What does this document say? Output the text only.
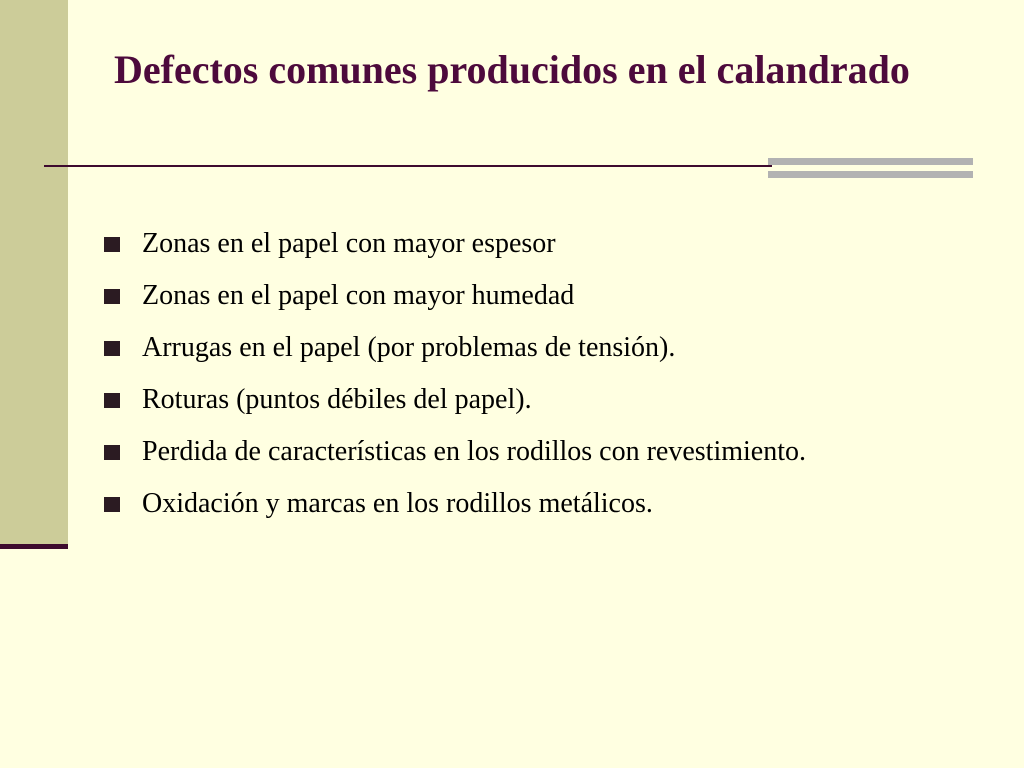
Defectos comunes producidos en el calandrado
Zonas en el papel con mayor espesor
Zonas en el papel con mayor humedad
Arrugas en el papel (por problemas de tensión).
Roturas (puntos débiles del papel).
Perdida de características en los rodillos con revestimiento.
Oxidación y marcas en los rodillos metálicos.
